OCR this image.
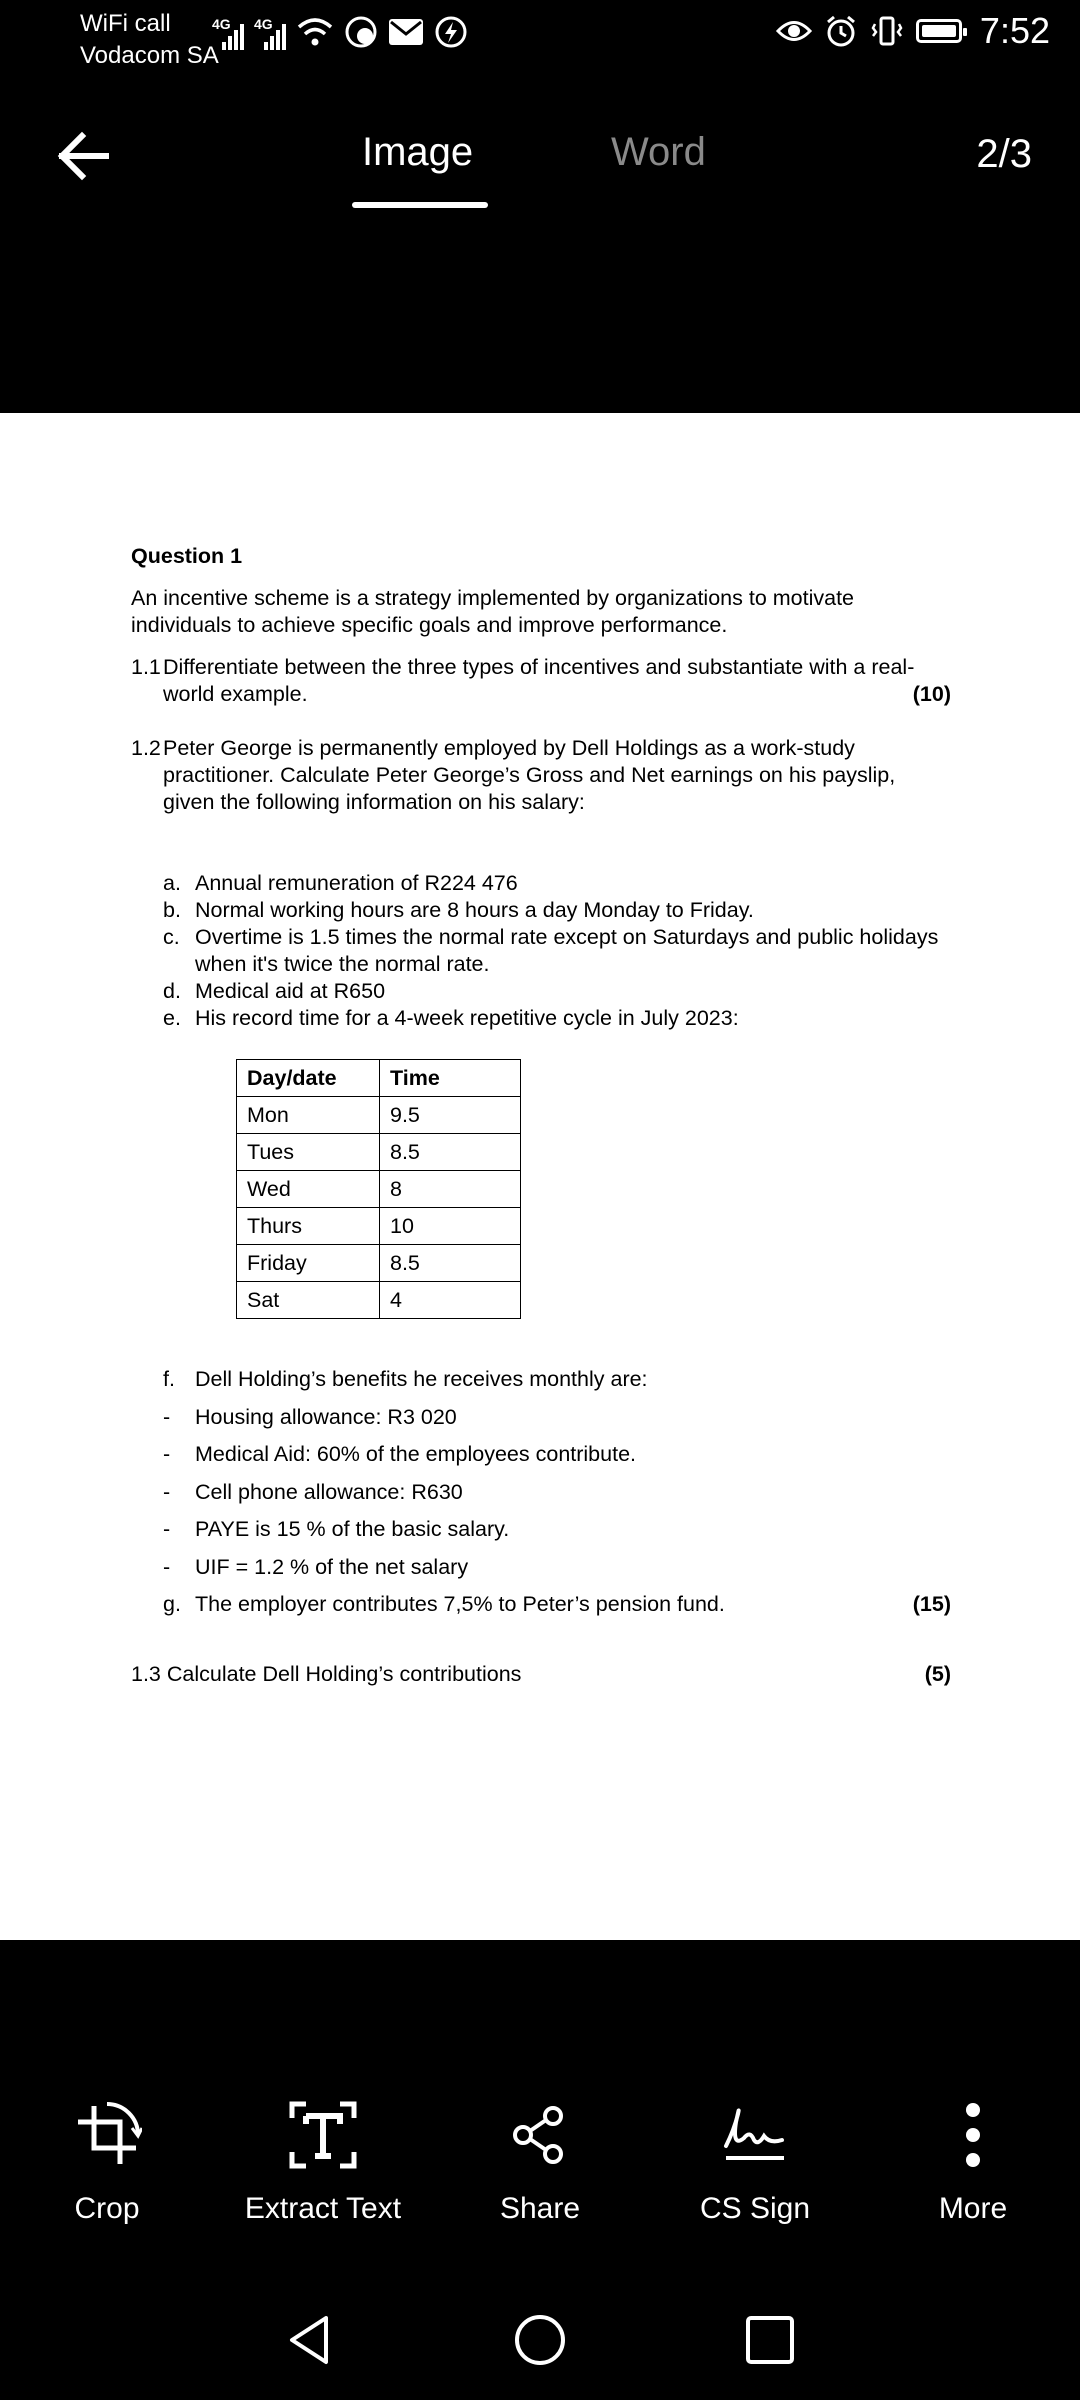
WiFi call
Vodacom SA
4G 4G	7:52
Image	Word	2/3

Question 1

An incentive scheme is a strategy implemented by organizations to motivate individuals to achieve specific goals and improve performance.

1.1 Differentiate between the three types of incentives and substantiate with a real-world example.	(10)
1.2 Peter George is permanently employed by Dell Holdings as a work-study practitioner. Calculate Peter George’s Gross and Net earnings on his payslip, given the following information on his salary:
a. Annual remuneration of R224 476
b. Normal working hours are 8 hours a day Monday to Friday.
c. Overtime is 1.5 times the normal rate except on Saturdays and public holidays when it's twice the normal rate.
d. Medical aid at R650
e. His record time for a 4-week repetitive cycle in July 2023:
Day/date	Time
Mon	9.5
Tues	8.5
Wed	8
Thurs	10
Friday	8.5
Sat	4
f. Dell Holding’s benefits he receives monthly are:
-	Housing allowance: R3 020
-	Medical Aid: 60% of the employees contribute.
-	Cell phone allowance: R630
-	PAYE is 15 % of the basic salary.
-	UIF = 1.2 % of the net salary
g. The employer contributes 7,5% to Peter’s pension fund.	(15)
1.3 Calculate Dell Holding’s contributions	(5)
Crop	Extract Text	Share	CS Sign	More
